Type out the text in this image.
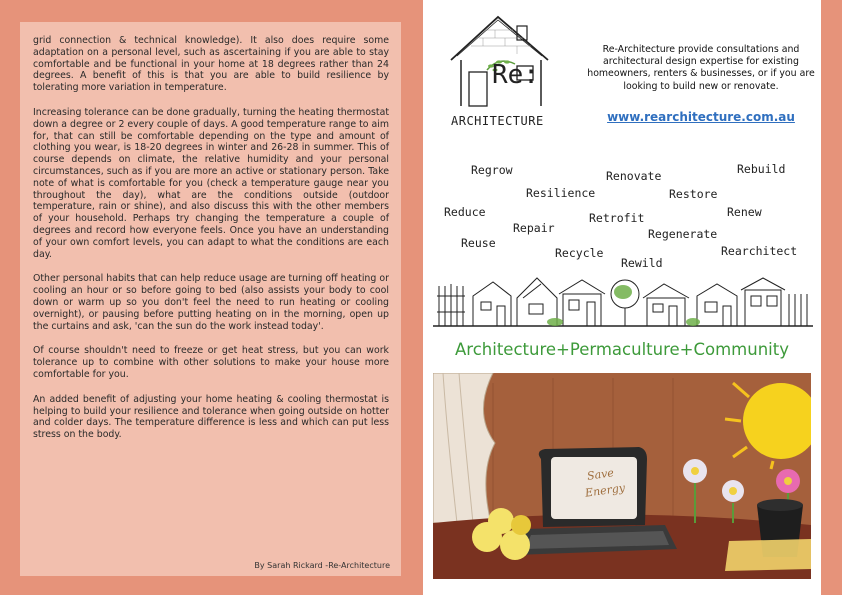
grid connection & technical knowledge). It also does require some adaptation on a personal level, such as ascertaining if you are able to stay comfortable and be functional in your home at 18 degrees rather than 24 degrees. A benefit of this is that you are able to build resilience by tolerating more variation in temperature.

Increasing tolerance can be done gradually, turning the heating thermostat down a degree or 2 every couple of days. A good temperature range to aim for, that can still be comfortable depending on the type and amount of clothing you wear, is 18-20 degrees in winter and 26-28 in summer. This of course depends on climate, the relative humidity and your personal circumstances, such as if you are more an active or stationary person. Take note of what is comfortable for you (check a temperature gauge near you throughout the day), what are the conditions outside (outdoor temperature, rain or shine), and also discuss this with the other members of your household. Perhaps try changing the temperature a couple of degrees and record how everyone feels. Once you have an understanding of your own comfort levels, you can adapt to what the conditions are each day.

Other personal habits that can help reduce usage are turning off heating or cooling an hour or so before going to bed (also assists your body to cool down or warm up so you don't feel the need to run heating or cooling overnight), or pausing before putting heating on in the morning, open up the curtains and ask, 'can the sun do the work instead today'.

Of course shouldn't need to freeze or get heat stress, but you can work tolerance up to combine with other solutions to make your house more comfortable for you.

An added benefit of adjusting your home heating & cooling thermostat is helping to build your resilience and tolerance when going outside on hotter and colder days. The temperature difference is less and which can put less stress on the body.

By Sarah Rickard -Re-Architecture
Re:
ARCHITECTURE

Re-Architecture provide consultations and architectural design expertise for existing homeowners, renters & businesses, or if you are looking to build new or renovate.

www.rearchitecture.com.au
Regrow	Renovate	Rebuild
Resilience	Restore
Reduce	Retrofit	Renew
Repair	Regenerate
Reuse
Recycle	Rearchitect
Rewild
Architecture+Permaculture+Community
Save
Energy
